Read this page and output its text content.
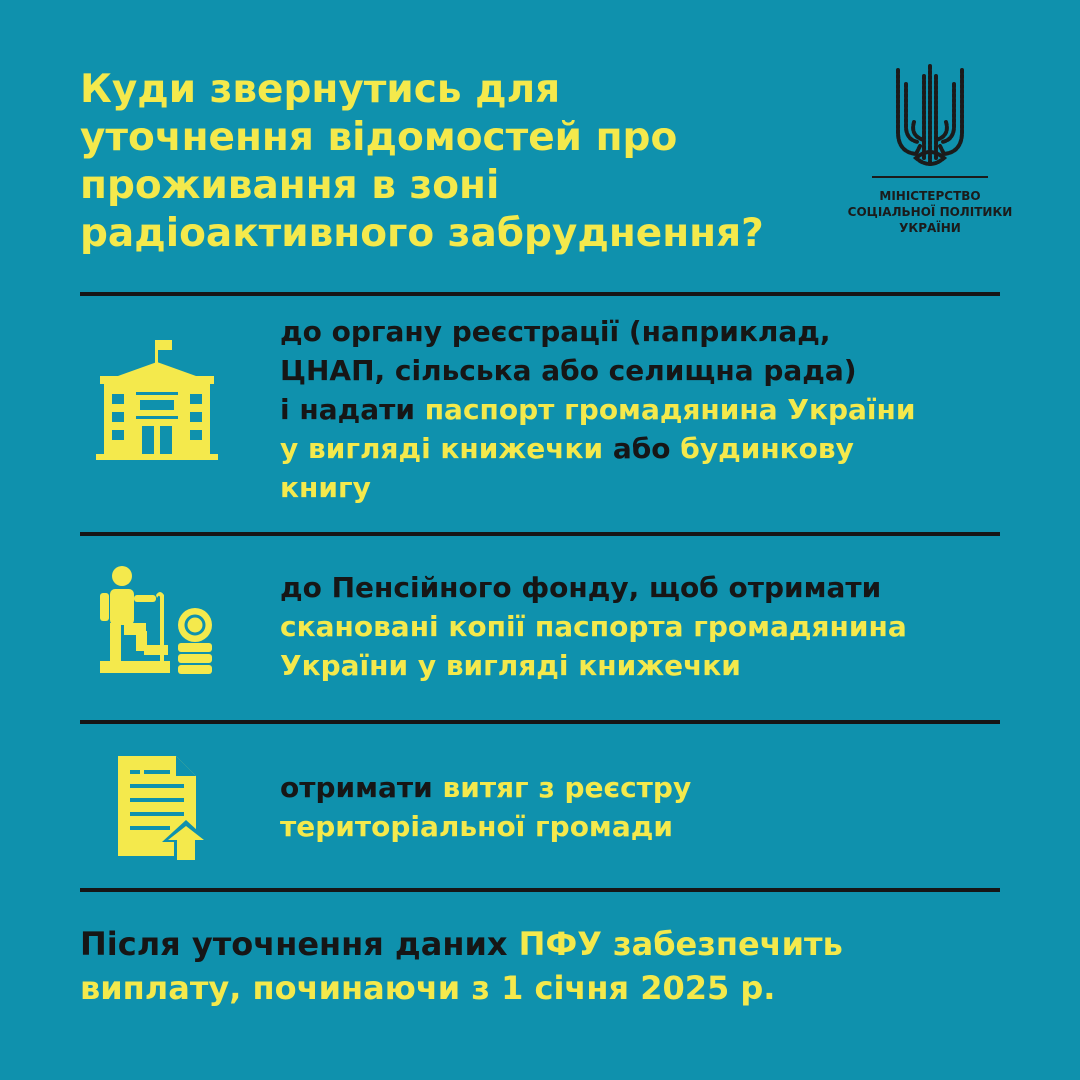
Куди звернутись для
уточнення відомостей про
проживання в зоні
радіоактивного забруднення?
МІНІСТЕРСТВО
СОЦІАЛЬНОЇ ПОЛІТИКИ
УКРАЇНИ

до органу реєстрації (наприклад,
ЦНАП, сільська або селищна рада)
і надати паспорт громадянина України
у вигляді книжечки або будинкову
книгу

до Пенсійного фонду, щоб отримати
скановані копії паспорта громадянина
України у вигляді книжечки

отримати витяг з реєстру
територіальної громади

Після уточнення даних ПФУ забезпечить
виплату, починаючи з 1 січня 2025 р.
